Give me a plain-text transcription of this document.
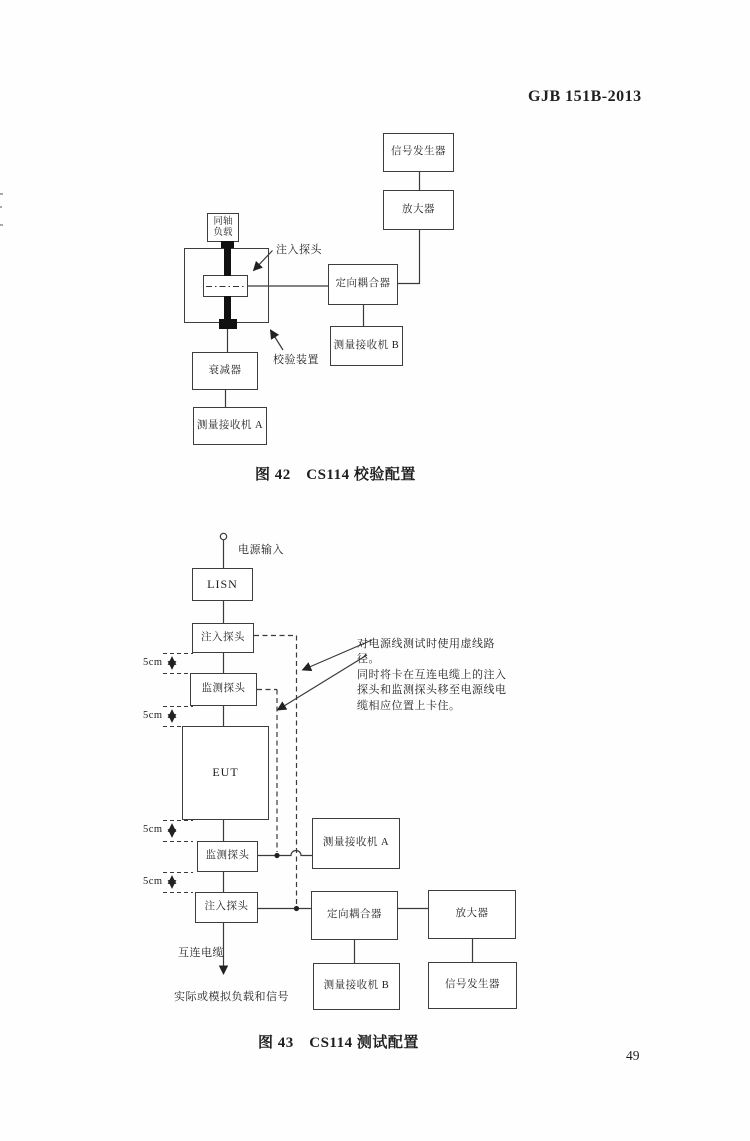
GJB 151B-2013
49
信号发生器
放大器
定向耦合器
测量接收机 B
同轴
负载
衰减器
测量接收机 A
注入探头
校验装置
图 42　CS114 校验配置
电源输入
LISN
注入探头
监测探头
EUT
监测探头
注入探头
测量接收机 A
定向耦合器	放大器
测量接收机 B	信号发生器
5cm
5cm
5cm
5cm
对电源线测试时使用虚线路径。
同时将卡在互连电缆上的注入
探头和监测探头移至电源线电
缆相应位置上卡住。
互连电缆
实际或模拟负载和信号
图 43　CS114 测试配置
